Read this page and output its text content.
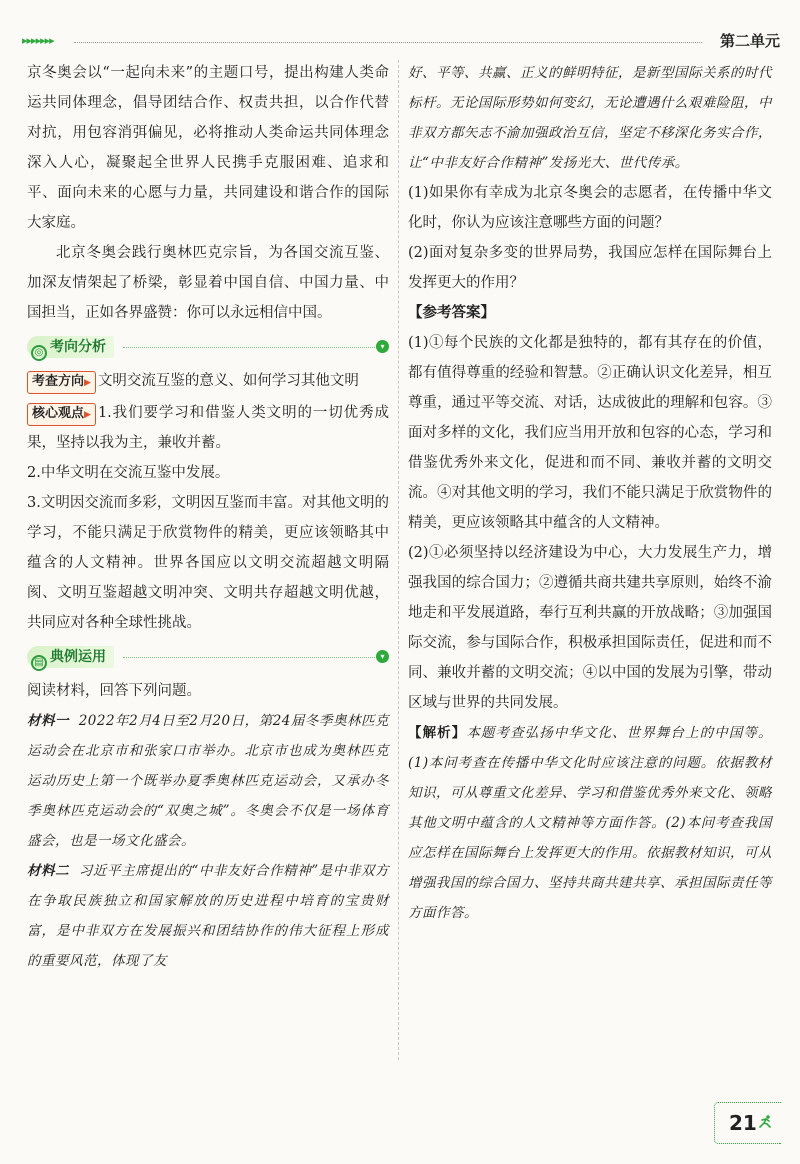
▸▸▸▸▸▸▸	第二单元

京冬奥会以“一起向未来”的主题口号，提出构建人类命运共同体理念，倡导团结合作、权责共担，以合作代替对抗，用包容消弭偏见，必将推动人类命运共同体理念深入人心，凝聚起全世界人民携手克服困难、追求和平、面向未来的心愿与力量，共同建设和谐合作的国际大家庭。

北京冬奥会践行奥林匹克宗旨，为各国交流互鉴、加深友情架起了桥梁，彰显着中国自信、中国力量、中国担当，正如各界盛赞：你可以永远相信中国。

◎ 考向分析	▾

考查方向▶ 文明交流互鉴的意义、如何学习其他文明

核心观点▶ 1.我们要学习和借鉴人类文明的一切优秀成果，坚持以我为主，兼收并蓄。

2.中华文明在交流互鉴中发展。

3.文明因交流而多彩，文明因互鉴而丰富。对其他文明的学习，不能只满足于欣赏物件的精美，更应该领略其中蕴含的人文精神。世界各国应以文明交流超越文明隔阂、文明互鉴超越文明冲突、文明共存超越文明优越，共同应对各种全球性挑战。

▤ 典例运用	▾

阅读材料，回答下列问题。

材料一 2022年2月4日至2月20日，第24届冬季奥林匹克运动会在北京市和张家口市举办。北京市也成为奥林匹克运动历史上第一个既举办夏季奥林匹克运动会，又承办冬季奥林匹克运动会的“双奥之城”。冬奥会不仅是一场体育盛会，也是一场文化盛会。

材料二 习近平主席提出的“中非友好合作精神”是中非双方在争取民族独立和国家解放的历史进程中培育的宝贵财富，是中非双方在发展振兴和团结协作的伟大征程上形成的重要风范，体现了友

好、平等、共赢、正义的鲜明特征，是新型国际关系的时代标杆。无论国际形势如何变幻，无论遭遇什么艰难险阻，中非双方都矢志不渝加强政治互信，坚定不移深化务实合作，让“中非友好合作精神”发扬光大、世代传承。

(1)如果你有幸成为北京冬奥会的志愿者，在传播中华文化时，你认为应该注意哪些方面的问题？

(2)面对复杂多变的世界局势，我国应怎样在国际舞台上发挥更大的作用？

【参考答案】

(1)①每个民族的文化都是独特的，都有其存在的价值，都有值得尊重的经验和智慧。②正确认识文化差异，相互尊重，通过平等交流、对话，达成彼此的理解和包容。③面对多样的文化，我们应当用开放和包容的心态，学习和借鉴优秀外来文化，促进和而不同、兼收并蓄的文明交流。④对其他文明的学习，我们不能只满足于欣赏物件的精美，更应该领略其中蕴含的人文精神。

(2)①必须坚持以经济建设为中心，大力发展生产力，增强我国的综合国力；②遵循共商共建共享原则，始终不渝地走和平发展道路，奉行互利共赢的开放战略；③加强国际交流，参与国际合作，积极承担国际责任，促进和而不同、兼收并蓄的文明交流；④以中国的发展为引擎，带动区域与世界的共同发展。

【解析】本题考查弘扬中华文化、世界舞台上的中国等。(1)本问考查在传播中华文化时应该注意的问题。依据教材知识，可从尊重文化差异、学习和借鉴优秀外来文化、领略其他文明中蕴含的人文精神等方面作答。(2)本问考查我国应怎样在国际舞台上发挥更大的作用。依据教材知识，可从增强我国的综合国力、坚持共商共建共享、承担国际责任等方面作答。

21
